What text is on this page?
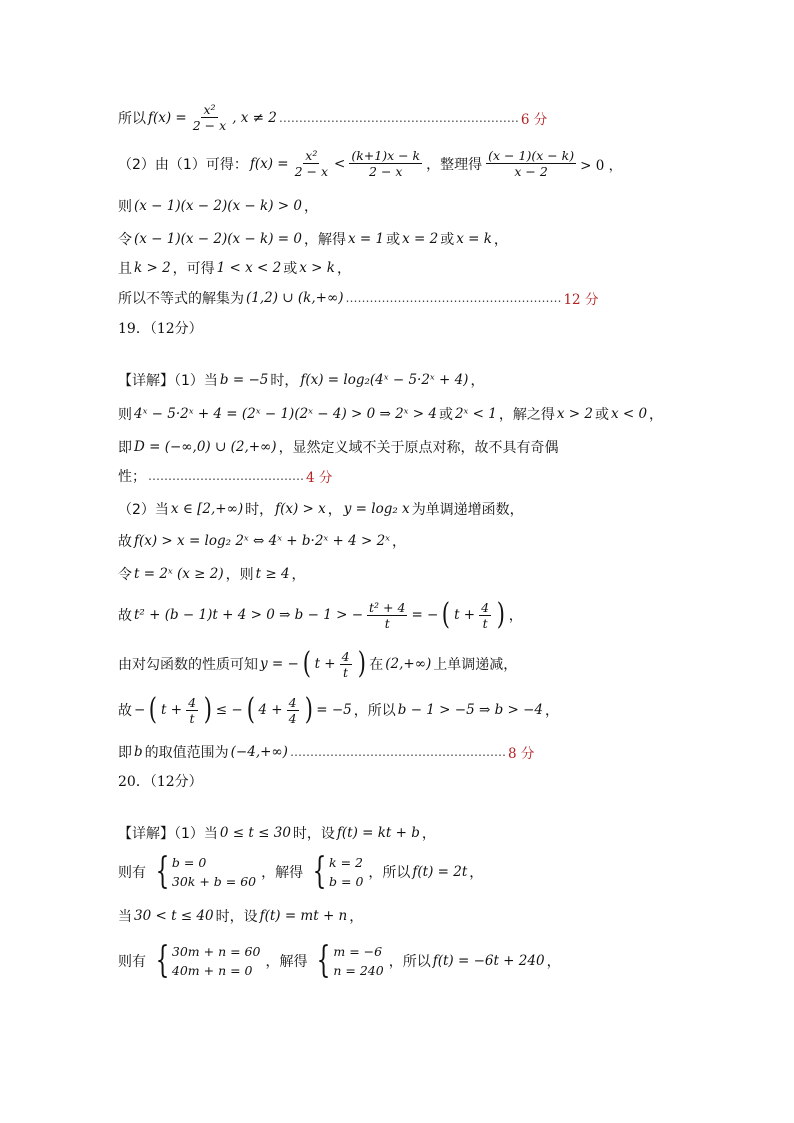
所以 $f(x) = \frac{\text{x²}}{2 - x}$ , x ≠ 2 …………………………………………………… 6 分
（2）由（1）可得： $f(x) = \frac{\text{x²}}{2 - x} < \frac{(k+1)x - k}{2 - x}$ ，整理得 $\frac{(x - 1)(x - k)}{x - 2} > 0$ ，
则 (x − 1)(x − 2)(x − k) > 0 ，
令 (x − 1)(x − 2)(x − k) = 0 ，解得 x = 1 或 x = 2 或 x = k ，
且 k > 2 ，可得 1 < x < 2 或 x > k ，
所以不等式的解集为 (1,2) ∪ (k,+∞) ……………………………………………… 12 分
19．（12分）
【详解】（1）当 b = −5 时， f(x) = log₂(4ˣ − 5·2ˣ + 4) ，
则 4ˣ − 5·2ˣ + 4 = (2ˣ − 1)(2ˣ − 4) > 0 ⇒ 2ˣ > 4 或 2ˣ < 1 ，解之得 x > 2 或 x < 0 ，
即 D = (−∞,0) ∪ (2,+∞) ，显然定义域不关于原点对称，故不具有奇偶
性； ………………………………… 4 分
（2）当 x ∈ [2,+∞) 时， f(x) > x ， y = log₂ x 为单调递增函数，
故 f(x) > x = log₂ 2ˣ ⇔ 4ˣ + b·2ˣ + 4 > 2ˣ ，
令 t = 2ˣ (x ≥ 2) ，则 t ≥ 4 ，
故 t² + (b − 1)t + 4 > 0 ⇒ b − 1 > − $\frac{\text{t² + 4}}{t}$ = − ( $t + \frac{4}{t}$ ) ，
由对勾函数的性质可知 y = − ( $t + \frac{4}{t}$ ) 在 (2,+∞) 上单调递减，
故 − ( $t + \frac{4}{t}$ ) ≤ − ( $4 + \frac{4}{4}$ ) = −5 ，所以 b − 1 > −5 ⇒ b > −4 ，
即 b 的取值范围为 (−4,+∞) ……………………………………………… 8 分
20．（12分）
【详解】（1）当 0 ≤ t ≤ 30 时，设 f(t) = kt + b ，
则有 { b = 0
30k + b = 60
，解得 { k = 2
b = 0
，所以 f(t) = 2t ，
当 30 < t ≤ 40 时，设 f(t) = mt + n ，
则有 { 30m + n = 60
40m + n = 0
，解得 { m = −6
n = 240
，所以 f(t) = −6t + 240 ，
